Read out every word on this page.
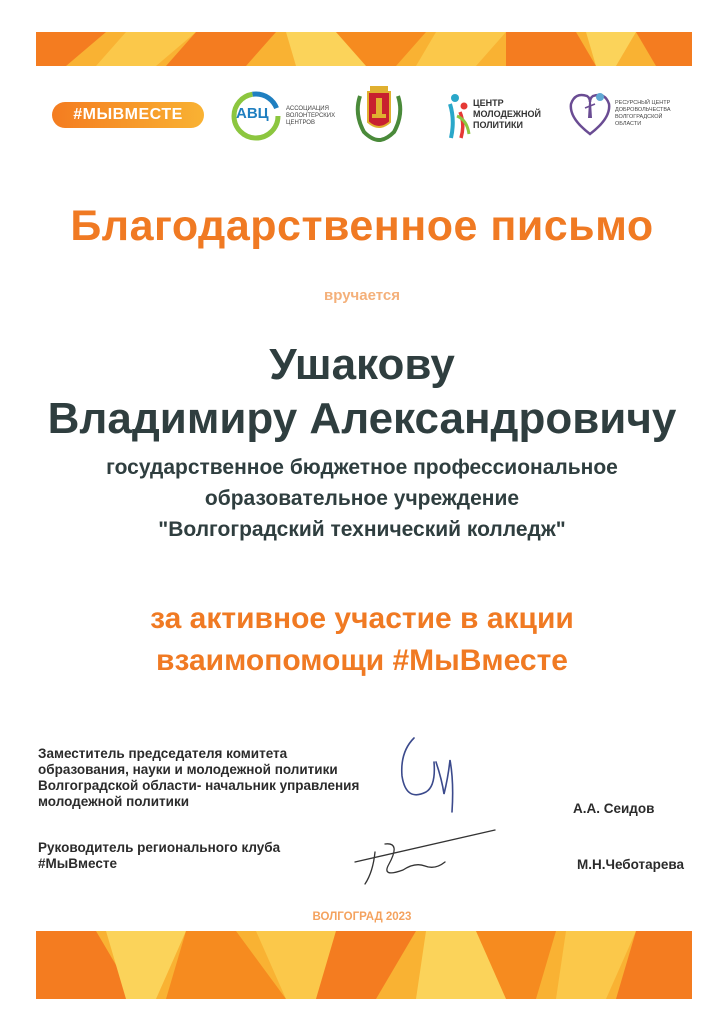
#МЫВМЕСТЕ	АВЦ	АССОЦИАЦИЯ ВОЛОНТЕРСКИХ ЦЕНТРОВ
ЦЕНТР
МОЛОДЕЖНОЙ
ПОЛИТИКИ
РЕСУРСНЫЙ ЦЕНТР ДОБРОВОЛЬЧЕСТВА ВОЛГОГРАДСКОЙ ОБЛАСТИ
Благодарственное письмо
вручается
Ушакову
Владимиру Александровичу
государственное бюджетное профессиональное
образовательное учреждение
"Волгоградский технический колледж"
за активное участие в акции
взаимопомощи #МыВместе
Заместитель председателя комитета
образования, науки и молодежной политики
Волгоградской области- начальник управления
молодежной политики	А.А. Сеидов
Руководитель регионального клуба
#МыВместе	М.Н.Чеботарева
ВОЛГОГРАД 2023
